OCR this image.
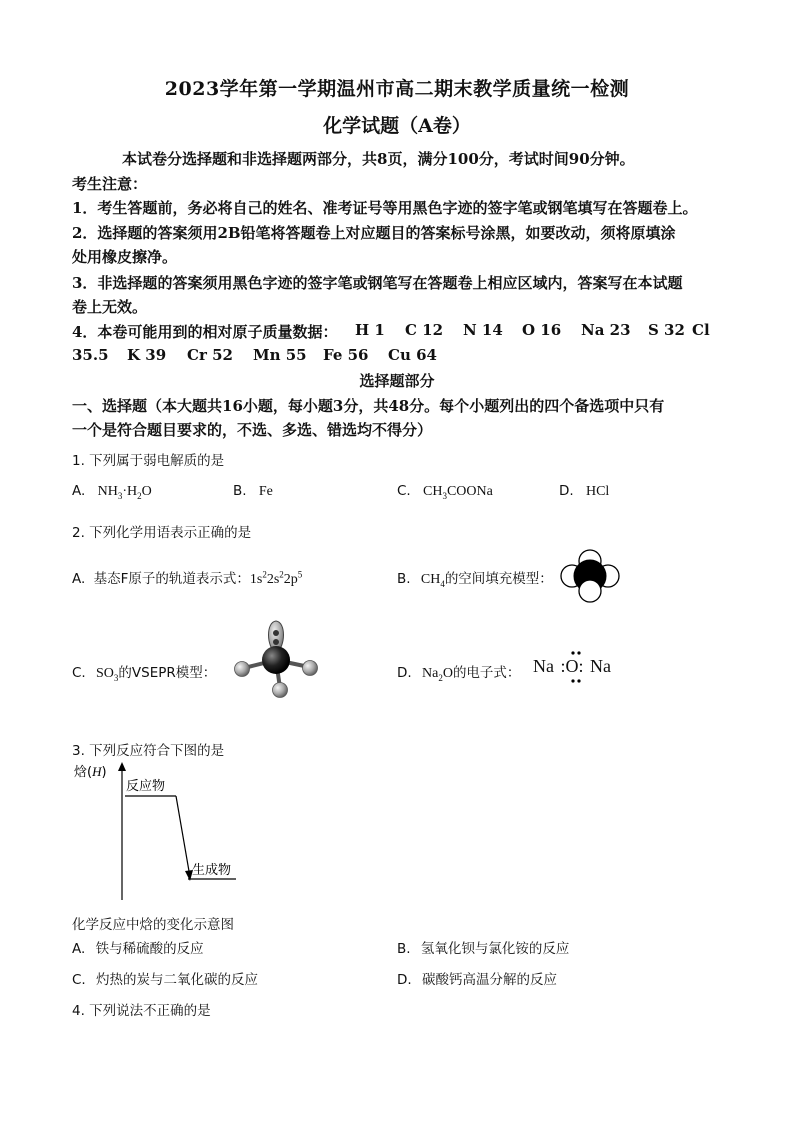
2023学年第一学期温州市高二期末教学质量统一检测
化学试题（A卷）
本试卷分选择题和非选择题两部分，共8页，满分100分，考试时间90分钟。
考生注意：
1．考生答题前，务必将自己的姓名、准考证号等用黑色字迹的签字笔或钢笔填写在答题卷上。
2．选择题的答案须用2B铅笔将答题卷上对应题目的答案标号涂黑，如要改动，须将原填涂
处用橡皮擦净。
3．非选择题的答案须用黑色字迹的签字笔或钢笔写在答题卷上相应区域内，答案写在本试题
卷上无效。
4．本卷可能用到的相对原子质量数据： H 1 C 12 N 14 O 16 Na 23 S 32 Cl
35.5 K 39 Cr 52 Mn 55 Fe 56 Cu 64
选择题部分
一、选择题（本大题共16小题，每小题3分，共48分。每个小题列出的四个备选项中只有
一个是符合题目要求的，不选、多选、错选均不得分）
1. 下列属于弱电解质的是
A. $NH_3\cdot H_2O$	B. Fe	C. $CH_3COONa$	D. HCl
2. 下列化学用语表示正确的是
A. 基态F原子的轨道表示式：$1s^22s^22p^5$	B. $CH_4$的空间填充模型：
C. $SO_3$的VSEPR模型：	D. $Na_2O$的电子式： Na :O: Na
3. 下列反应符合下图的是
焓(H)
反应物
生成物
化学反应中焓的变化示意图
A. 铁与稀硫酸的反应	B. 氢氧化钡与氯化铵的反应
C. 灼热的炭与二氧化碳的反应	D. 碳酸钙高温分解的反应
4. 下列说法不正确的是
